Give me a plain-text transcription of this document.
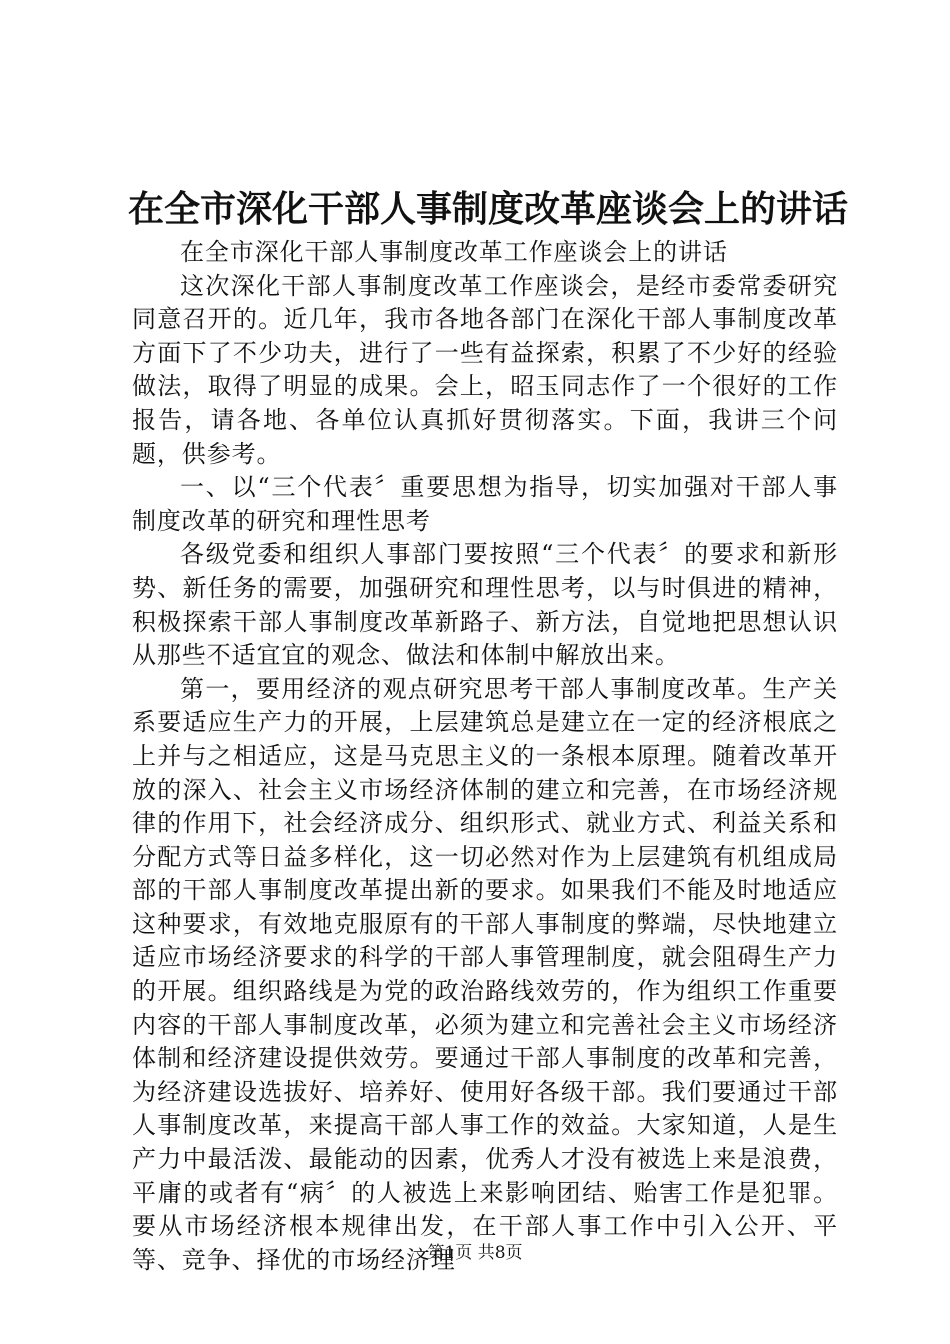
在全市深化干部人事制度改革座谈会上的讲话

在全市深化干部人事制度改革工作座谈会上的讲话

这次深化干部人事制度改革工作座谈会，是经市委常委研究同意召开的。近几年，我市各地各部门在深化干部人事制度改革方面下了不少功夫，进行了一些有益探索，积累了不少好的经验做法，取得了明显的成果。会上，昭玉同志作了一个很好的工作报告，请各地、各单位认真抓好贯彻落实。下面，我讲三个问题，供参考。

一、以“三个代表〞重要思想为指导，切实加强对干部人事制度改革的研究和理性思考

各级党委和组织人事部门要按照“三个代表〞的要求和新形势、新任务的需要，加强研究和理性思考，以与时俱进的精神，积极探索干部人事制度改革新路子、新方法，自觉地把思想认识从那些不适宜宜的观念、做法和体制中解放出来。

第一，要用经济的观点研究思考干部人事制度改革。生产关系要适应生产力的开展，上层建筑总是建立在一定的经济根底之上并与之相适应，这是马克思主义的一条根本原理。随着改革开放的深入、社会主义市场经济体制的建立和完善，在市场经济规律的作用下，社会经济成分、组织形式、就业方式、利益关系和分配方式等日益多样化，这一切必然对作为上层建筑有机组成局部的干部人事制度改革提出新的要求。如果我们不能及时地适应这种要求，有效地克服原有的干部人事制度的弊端，尽快地建立适应市场经济要求的科学的干部人事管理制度，就会阻碍生产力的开展。组织路线是为党的政治路线效劳的，作为组织工作重要内容的干部人事制度改革，必须为建立和完善社会主义市场经济体制和经济建设提供效劳。要通过干部人事制度的改革和完善，为经济建设选拔好、培养好、使用好各级干部。我们要通过干部人事制度改革，来提高干部人事工作的效益。大家知道，人是生产力中最活泼、最能动的因素，优秀人才没有被选上来是浪费，平庸的或者有“病〞的人被选上来影响团结、贻害工作是犯罪。要从市场经济根本规律出发，在干部人事工作中引入公开、平等、竞争、择优的市场经济理

第1页 共8页
